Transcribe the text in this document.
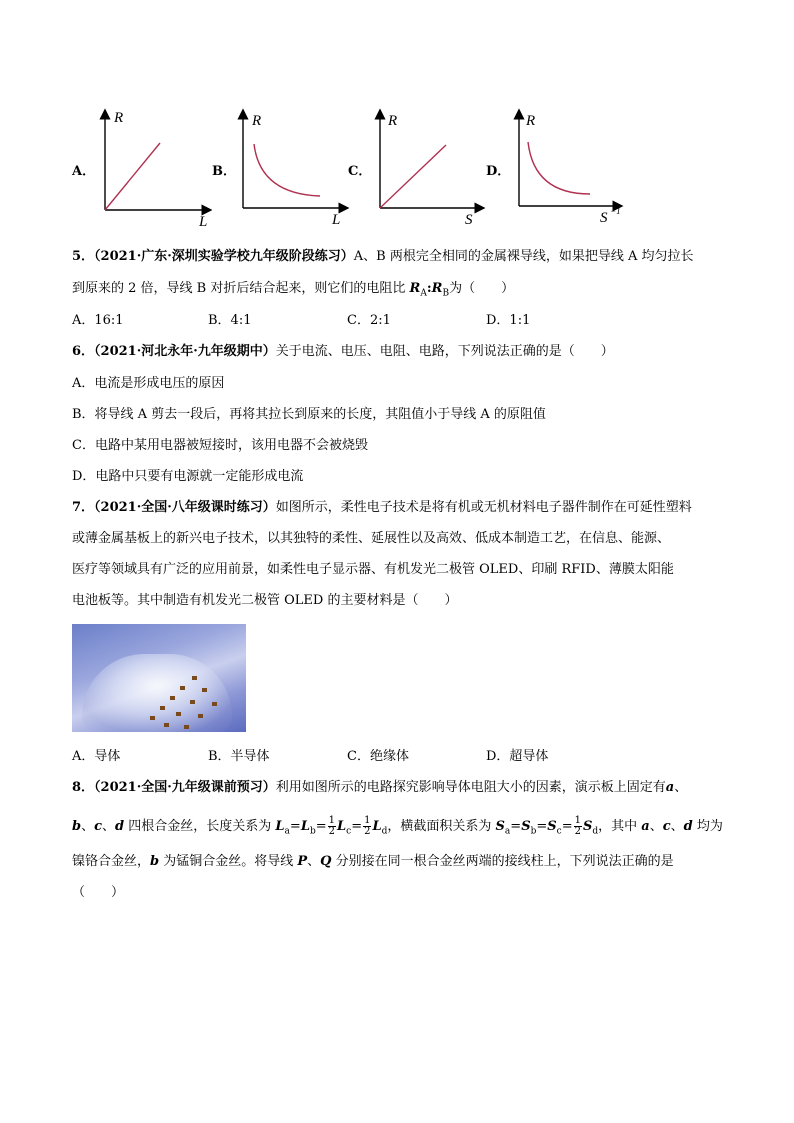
A．
R
L
B．
R
L
C．
R
S
D．
R
S −1
5．（2021·广东·深圳实验学校九年级阶段练习）A、B 两根完全相同的金属裸导线，如果把导线 A 均匀拉长
到原来的 2 倍，导线 B 对折后结合起来，则它们的电阻比 $R_A:R_B$为（　　）
A．16:1	B．4:1	C．2:1	D．1:1
6．（2021·河北永年·九年级期中）关于电流、电压、电阻、电路，下列说法正确的是（　　）
A．电流是形成电压的原因
B．将导线 A 剪去一段后，再将其拉长到原来的长度，其阻值小于导线 A 的原阻值
C．电路中某用电器被短接时，该用电器不会被烧毁
D．电路中只要有电源就一定能形成电流
7．（2021·全国·八年级课时练习）如图所示，柔性电子技术是将有机或无机材料电子器件制作在可延性塑料
或薄金属基板上的新兴电子技术，以其独特的柔性、延展性以及高效、低成本制造工艺，在信息、能源、
医疗等领域具有广泛的应用前景，如柔性电子显示器、有机发光二极管 OLED、印刷 RFID、薄膜太阳能
电池板等。其中制造有机发光二极管 OLED 的主要材料是（　　）
A．导体	B．半导体	C．绝缘体	D．超导体
8．（2021·全国·九年级课前预习）利用如图所示的电路探究影响导体电阻大小的因素，演示板上固定有a、
b、c、d 四根合金丝，长度关系为 $L_a=L_b= \frac{1}{2} L_c= \frac{1}{2} L_d$，横截面积关系为 $S_a=S_b=S_c= \frac{1}{2} S_d$，其中 a、c、d 均为
镍铬合金丝，b 为锰铜合金丝。将导线 P、Q 分别接在同一根合金丝两端的接线柱上，下列说法正确的是
（　　）
